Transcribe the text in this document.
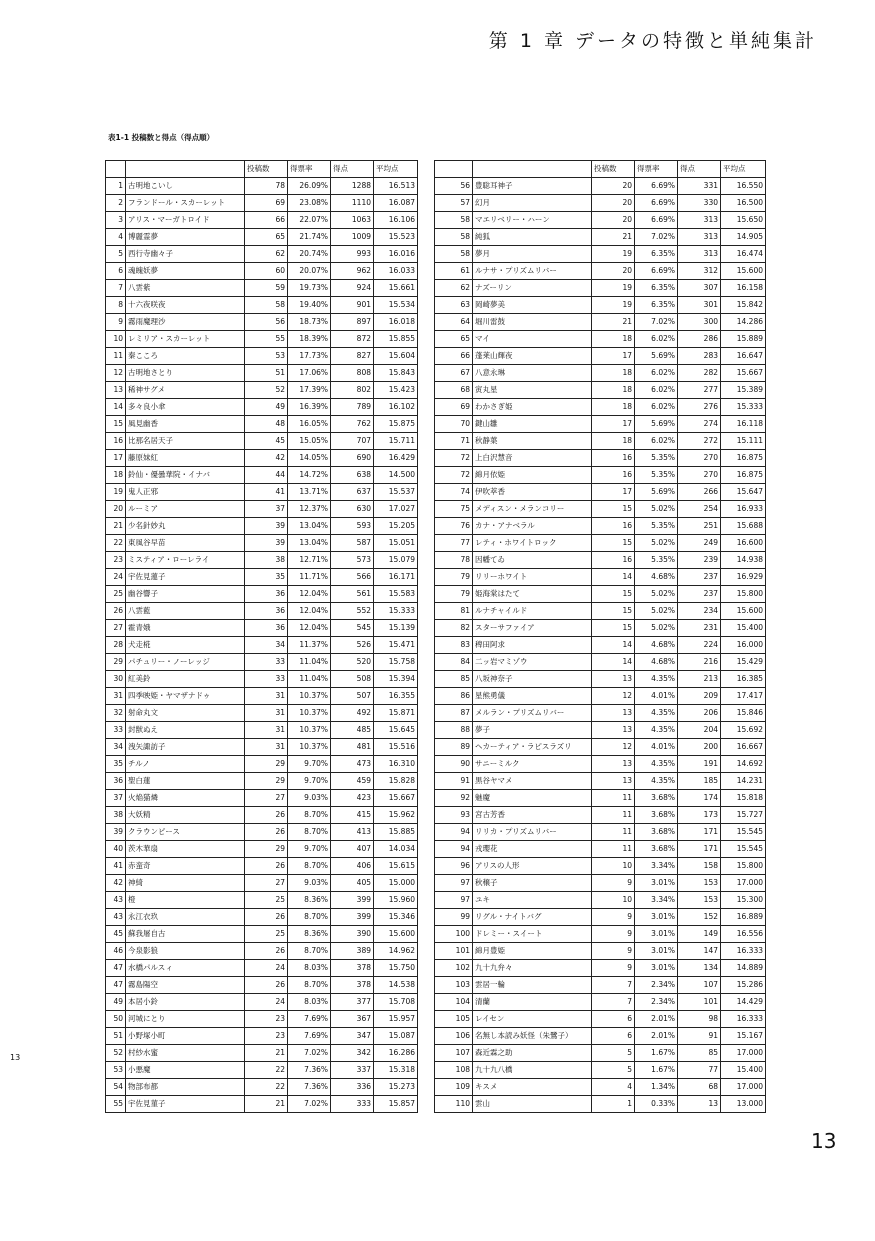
第 1 章 データの特徴と単純集計
表1-1 投稿数と得点（得点順）
		投稿数	得票率	得点	平均点
1	古明地こいし	78	26.09%	1288	16.513
2	フランドール・スカーレット	69	23.08%	1110	16.087
3	アリス・マーガトロイド	66	22.07%	1063	16.106
4	博麗霊夢	65	21.74%	1009	15.523
5	西行寺幽々子	62	20.74%	993	16.016
6	魂魄妖夢	60	20.07%	962	16.033
7	八雲紫	59	19.73%	924	15.661
8	十六夜咲夜	58	19.40%	901	15.534
9	霧雨魔理沙	56	18.73%	897	16.018
10	レミリア・スカーレット	55	18.39%	872	15.855
11	秦こころ	53	17.73%	827	15.604
12	古明地さとり	51	17.06%	808	15.843
13	稀神サグメ	52	17.39%	802	15.423
14	多々良小傘	49	16.39%	789	16.102
15	風見幽香	48	16.05%	762	15.875
16	比那名居天子	45	15.05%	707	15.711
17	藤原妹紅	42	14.05%	690	16.429
18	鈴仙・優曇華院・イナバ	44	14.72%	638	14.500
19	鬼人正邪	41	13.71%	637	15.537
20	ルーミア	37	12.37%	630	17.027
21	少名針妙丸	39	13.04%	593	15.205
22	東風谷早苗	39	13.04%	587	15.051
23	ミスティア・ローレライ	38	12.71%	573	15.079
24	宇佐見蓮子	35	11.71%	566	16.171
25	幽谷響子	36	12.04%	561	15.583
26	八雲藍	36	12.04%	552	15.333
27	霍青娥	36	12.04%	545	15.139
28	犬走椛	34	11.37%	526	15.471
29	パチュリー・ノーレッジ	33	11.04%	520	15.758
30	紅美鈴	33	11.04%	508	15.394
31	四季映姫・ヤマザナドゥ	31	10.37%	507	16.355
32	射命丸文	31	10.37%	492	15.871
33	封獣ぬえ	31	10.37%	485	15.645
34	洩矢諏訪子	31	10.37%	481	15.516
35	チルノ	29	9.70%	473	16.310
36	聖白蓮	29	9.70%	459	15.828
37	火焔猫燐	27	9.03%	423	15.667
38	大妖精	26	8.70%	415	15.962
39	クラウンピース	26	8.70%	413	15.885
40	茨木華扇	29	9.70%	407	14.034
41	赤蛮奇	26	8.70%	406	15.615
42	神綺	27	9.03%	405	15.000
43	橙	25	8.36%	399	15.960
43	永江衣玖	26	8.70%	399	15.346
45	蘇我屠自古	25	8.36%	390	15.600
46	今泉影狼	26	8.70%	389	14.962
47	水橋パルスィ	24	8.03%	378	15.750
47	霧島陽空	26	8.70%	378	14.538
49	本居小鈴	24	8.03%	377	15.708
50	河城にとり	23	7.69%	367	15.957
51	小野塚小町	23	7.69%	347	15.087
52	村紗水蜜	21	7.02%	342	16.286
53	小悪魔	22	7.36%	337	15.318
54	物部布都	22	7.36%	336	15.273
55	宇佐見菫子	21	7.02%	333	15.857
		投稿数	得票率	得点	平均点
56	豊聡耳神子	20	6.69%	331	16.550
57	幻月	20	6.69%	330	16.500
58	マエリベリー・ハーン	20	6.69%	313	15.650
58	純狐	21	7.02%	313	14.905
58	夢月	19	6.35%	313	16.474
61	ルナサ・プリズムリバー	20	6.69%	312	15.600
62	ナズーリン	19	6.35%	307	16.158
63	岡崎夢美	19	6.35%	301	15.842
64	堀川雷鼓	21	7.02%	300	14.286
65	マイ	18	6.02%	286	15.889
66	蓬莱山輝夜	17	5.69%	283	16.647
67	八意永琳	18	6.02%	282	15.667
68	寅丸星	18	6.02%	277	15.389
69	わかさぎ姫	18	6.02%	276	15.333
70	鍵山雛	17	5.69%	274	16.118
71	秋静葉	18	6.02%	272	15.111
72	上白沢慧音	16	5.35%	270	16.875
72	綿月依姫	16	5.35%	270	16.875
74	伊吹萃香	17	5.69%	266	15.647
75	メディスン・メランコリー	15	5.02%	254	16.933
76	カナ・アナベラル	16	5.35%	251	15.688
77	レティ・ホワイトロック	15	5.02%	249	16.600
78	因幡てゐ	16	5.35%	239	14.938
79	リリーホワイト	14	4.68%	237	16.929
79	姫海棠はたて	15	5.02%	237	15.800
81	ルナチャイルド	15	5.02%	234	15.600
82	スターサファイア	15	5.02%	231	15.400
83	稗田阿求	14	4.68%	224	16.000
84	二ッ岩マミゾウ	14	4.68%	216	15.429
85	八坂神奈子	13	4.35%	213	16.385
86	星熊勇儀	12	4.01%	209	17.417
87	メルラン・プリズムリバー	13	4.35%	206	15.846
88	夢子	13	4.35%	204	15.692
89	ヘカーティア・ラピスラズリ	12	4.01%	200	16.667
90	サニーミルク	13	4.35%	191	14.692
91	黒谷ヤマメ	13	4.35%	185	14.231
92	魅魔	11	3.68%	174	15.818
93	宮古芳香	11	3.68%	173	15.727
94	リリカ・プリズムリバー	11	3.68%	171	15.545
94	戎瓔花	11	3.68%	171	15.545
96	アリスの人形	10	3.34%	158	15.800
97	秋穣子	9	3.01%	153	17.000
97	ユキ	10	3.34%	153	15.300
99	リグル・ナイトバグ	9	3.01%	152	16.889
100	ドレミー・スイート	9	3.01%	149	16.556
101	綿月豊姫	9	3.01%	147	16.333
102	九十九弁々	9	3.01%	134	14.889
103	雲居一輪	7	2.34%	107	15.286
104	清蘭	7	2.34%	101	14.429
105	レイセン	6	2.01%	98	16.333
106	名無し本読み妖怪（朱鷺子）	6	2.01%	91	15.167
107	森近霖之助	5	1.67%	85	17.000
108	九十九八橋	5	1.67%	77	15.400
109	キスメ	4	1.34%	68	17.000
110	雲山	1	0.33%	13	13.000
13
13
